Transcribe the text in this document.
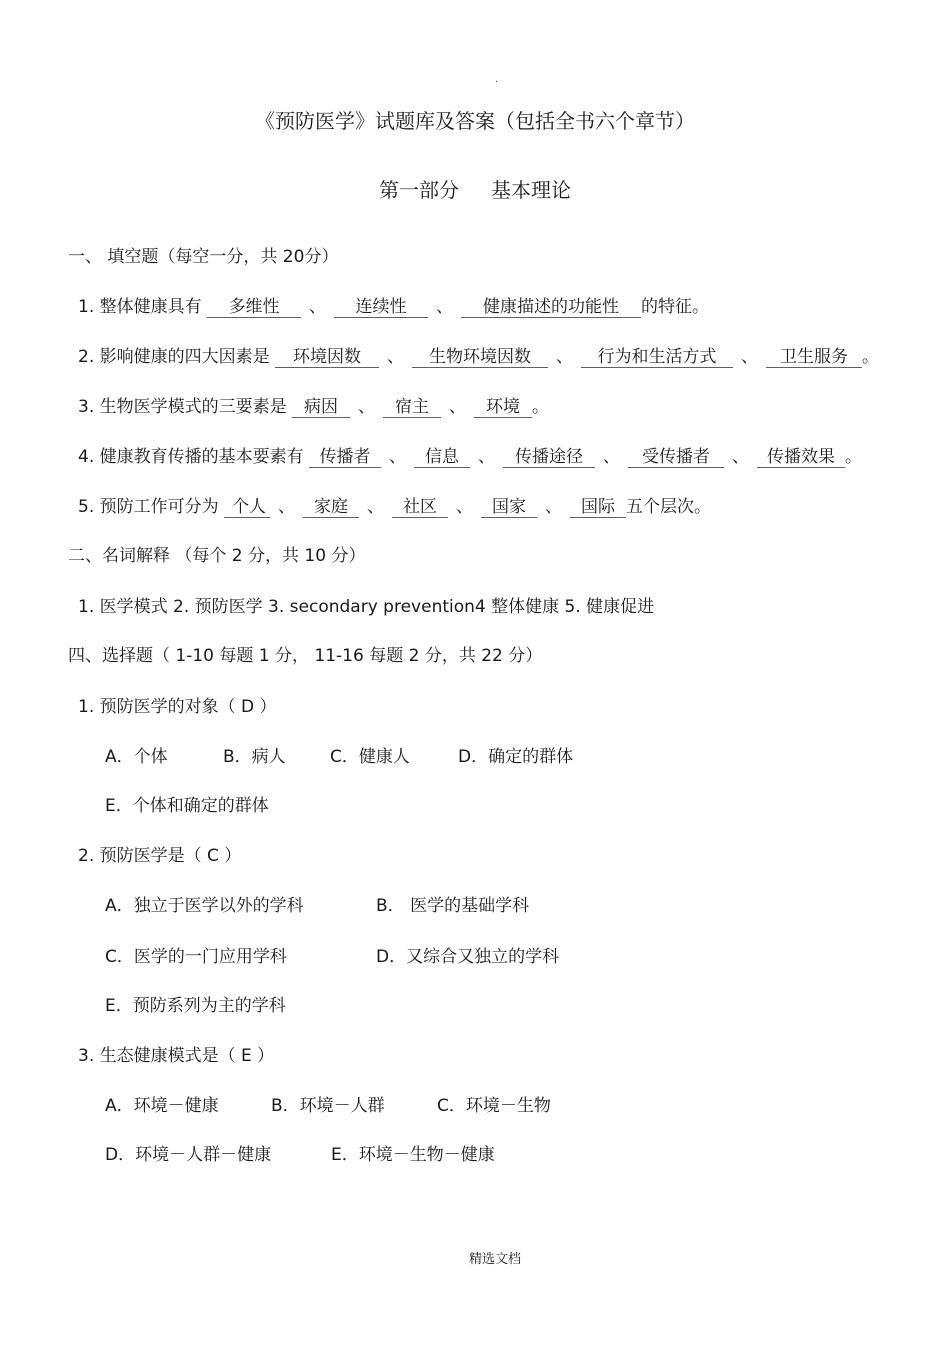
.
《预防医学》试题库及答案（包括全书六个章节）
第一部分 基本理论
一、 填空题（每空一分，共 20分）
1. 整体健康具有 多维性 、 连续性 、 健康描述的功能性 的特征。
2. 影响健康的四大因素是 环境因数 、 生物环境因数 、 行为和生活方式 、 卫生服务 。
3. 生物医学模式的三要素是 病因 、 宿主 、 环境 。
4. 健康教育传播的基本要素有 传播者 、 信息 、 传播途径 、 受传播者 、 传播效果 。
5. 预防工作可分为 个人 、 家庭 、 社区 、 国家 、 国际 五个层次。
二、名词解释 （每个 2 分，共 10 分）
1. 医学模式 2. 预防医学 3. secondary prevention4 整体健康 5. 健康促进
四、选择题（ 1-10 每题 1 分， 11-16 每题 2 分，共 22 分）
1. 预防医学的对象（ D ）
A．个体	B．病人	C．健康人	D．确定的群体
E．个体和确定的群体
2. 预防医学是（ C ）
A．独立于医学以外的学科	B． 医学的基础学科
C．医学的一门应用学科	D．又综合又独立的学科
E．预防系列为主的学科
3. 生态健康模式是（ E ）
A．环境－健康	B．环境－人群	C．环境－生物
D．环境－人群－健康	E．环境－生物－健康
精选文档
